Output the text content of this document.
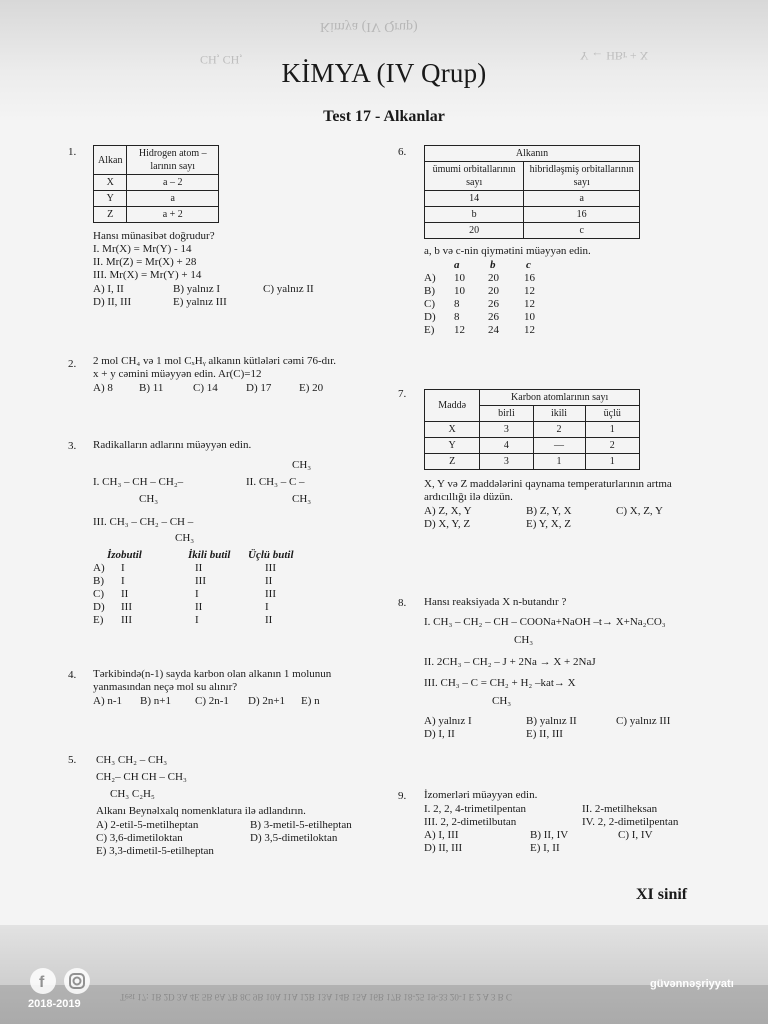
Kimya (IV Qrup)
CH, CH,	Y ← HBr + X
KİMYA (IV Qrup)
Test 17 - Alkanlar
1.
Alkan	Hidrogen atom – larının sayı
X	a – 2
Y	a
Z	a + 2
Hansı münasibət doğrudur?
I. Mr(X) = Mr(Y) - 14
II. Mr(Z) = Mr(X) + 28
III. Mr(X) = Mr(Y) + 14
A) I, II	B) yalnız I	C) yalnız II
D) II, III	E) yalnız III
2. 2 mol CH₄ və 1 mol CₓHᵧ alkanın kütlələri cəmi 76-dır.
x + y cəmini müəyyən edin. Ar(C)=12
A) 8 B) 11	C) 14	D) 17	E) 20
3. Radikalların adlarını müəyyən edin.
I. CH₃ – CH – CH₂–
CH₃
CH₃
II. CH₃ – C –
CH₃
III. CH₃ – CH₂ – CH –
CH₃
İzobutil	İkili butil Üçlü butil
A) I	II	III
B) I	III	II
C) II	I	III
D) III	II	I
E) III	I	II
4. Tərkibində(n-1) sayda karbon olan alkanın 1 molunun
yanmasından neçə mol su alınır?
A) n-1 B) n+1 C) 2n-1 D) 2n+1 E) n
5. CH₃ CH₂ – CH₃
CH₂– CH CH – CH₃
CH₃ C₂H₅
Alkanı Beynəlxalq nomenklatura ilə adlandırın.
A) 2-etil-5-metilheptan	B) 3-metil-5-etilheptan
C) 3,6-dimetiloktan	D) 3,5-dimetiloktan
E) 3,3-dimetil-5-etilheptan
6.	Alkanın	
ümumi orbitallarının sayı	hibridləşmiş orbitallarının sayı
14	a
b	16
20	c
a, b və c-nin qiymətini müəyyən edin.
a	b	c
A) 10 20 16
B) 10 20 12
C) 8	26 12
D) 8	26 10
E) 12 24 12
7.
Maddə	Karbon atomlarının sayı		
	birli	ikili	üçlü
X	3	2	1
Y	4	—	2
Z	3	1	1
X, Y və Z maddələrini qaynama temperaturlarının artma
ardıcıllığı ilə düzün.
A) Z, X, Y	B) Z, Y, X	C) X, Z, Y
D) X, Y, Z	E) Y, X, Z
8. Hansı reaksiyada X n-butandır ?
I. CH₃ – CH₂ – CH – COONa+NaOH –t→ X+Na₂CO₃
CH₃
II. 2CH₃ – CH₂ – J + 2Na → X + 2NaJ
III. CH₃ – C = CH₂ + H₂ –kat→ X
CH₃
A) yalnız I	B) yalnız II	C) yalnız III
D) I, II	E) II, III
9. İzomerləri müəyyən edin.
I. 2, 2, 4-trimetilpentan	II. 2-metilheksan
III. 2, 2-dimetilbutan	IV. 2, 2-dimetilpentan
A) I, III	B) II, IV	C) I, IV
D) II, III	E) I, II
XI sinif
Test 17: 1B 2D 3A 4E 5B 6A 7B 8C 9B 10A 11A 12B 13A 14B 15A 16B 17B 18-25 19-33 20-1 E 2 A 3 B C
f
2018-2019
güvənnəşriyyatı
